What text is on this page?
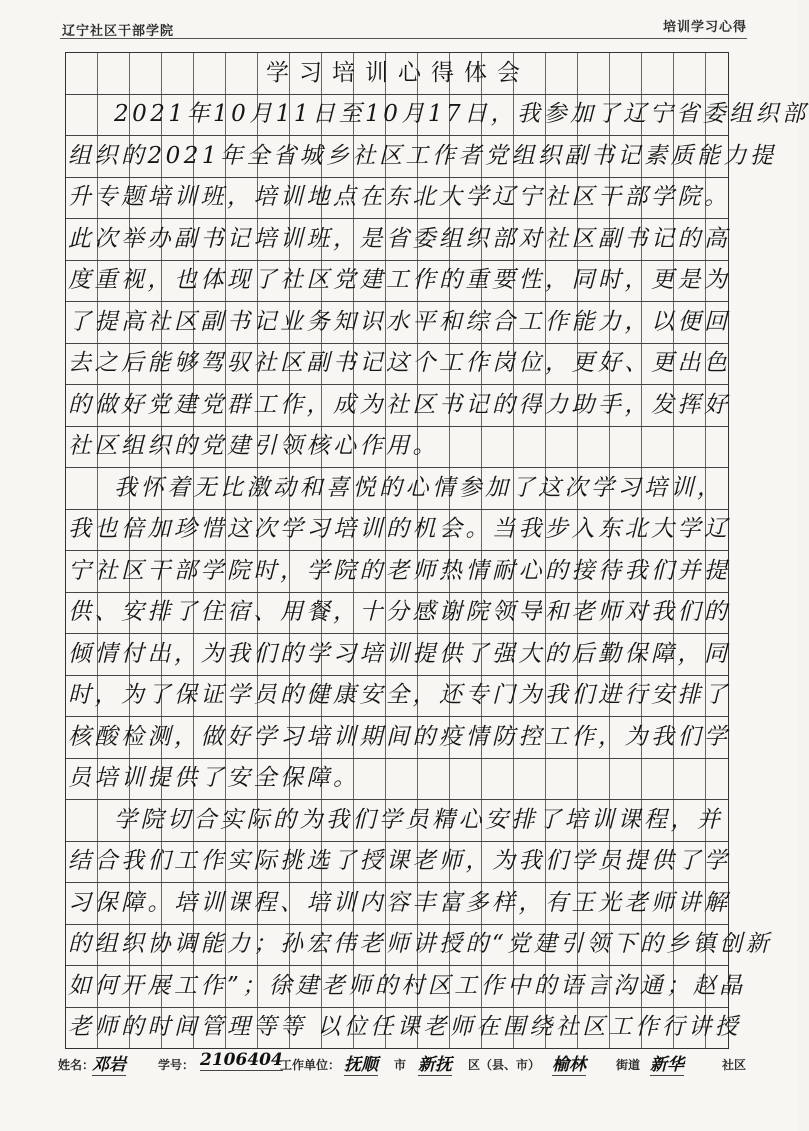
辽宁社区干部学院	培训学习心得
学习培训心得体会
2021年10月11日至10月17日，我参加了辽宁省委组织部
组织的2021年全省城乡社区工作者党组织副书记素质能力提
升专题培训班，培训地点在东北大学辽宁社区干部学院。
此次举办副书记培训班，是省委组织部对社区副书记的高
度重视，也体现了社区党建工作的重要性，同时，更是为
了提高社区副书记业务知识水平和综合工作能力，以便回
去之后能够驾驭社区副书记这个工作岗位，更好、更出色
的做好党建党群工作，成为社区书记的得力助手，发挥好
社区组织的党建引领核心作用。
我怀着无比激动和喜悦的心情参加了这次学习培训，
我也倍加珍惜这次学习培训的机会。当我步入东北大学辽
宁社区干部学院时，学院的老师热情耐心的接待我们并提
供、安排了住宿、用餐，十分感谢院领导和老师对我们的
倾情付出，为我们的学习培训提供了强大的后勤保障，同
时，为了保证学员的健康安全，还专门为我们进行安排了
核酸检测，做好学习培训期间的疫情防控工作，为我们学
员培训提供了安全保障。
学院切合实际的为我们学员精心安排了培训课程，并
结合我们工作实际挑选了授课老师，为我们学员提供了学
习保障。培训课程、培训内容丰富多样，有王光老师讲解
的组织协调能力；孙宏伟老师讲授的“党建引领下的乡镇创新
如何开展工作”；徐建老师的村区工作中的语言沟通；赵晶
老师的时间管理等等 以位任课老师在围绕社区工作行讲授
姓名：
邓岩	学号： 2106404
工作单位： 抚顺 市 新抚 区（县、市） 榆林	街道 新华	社区
